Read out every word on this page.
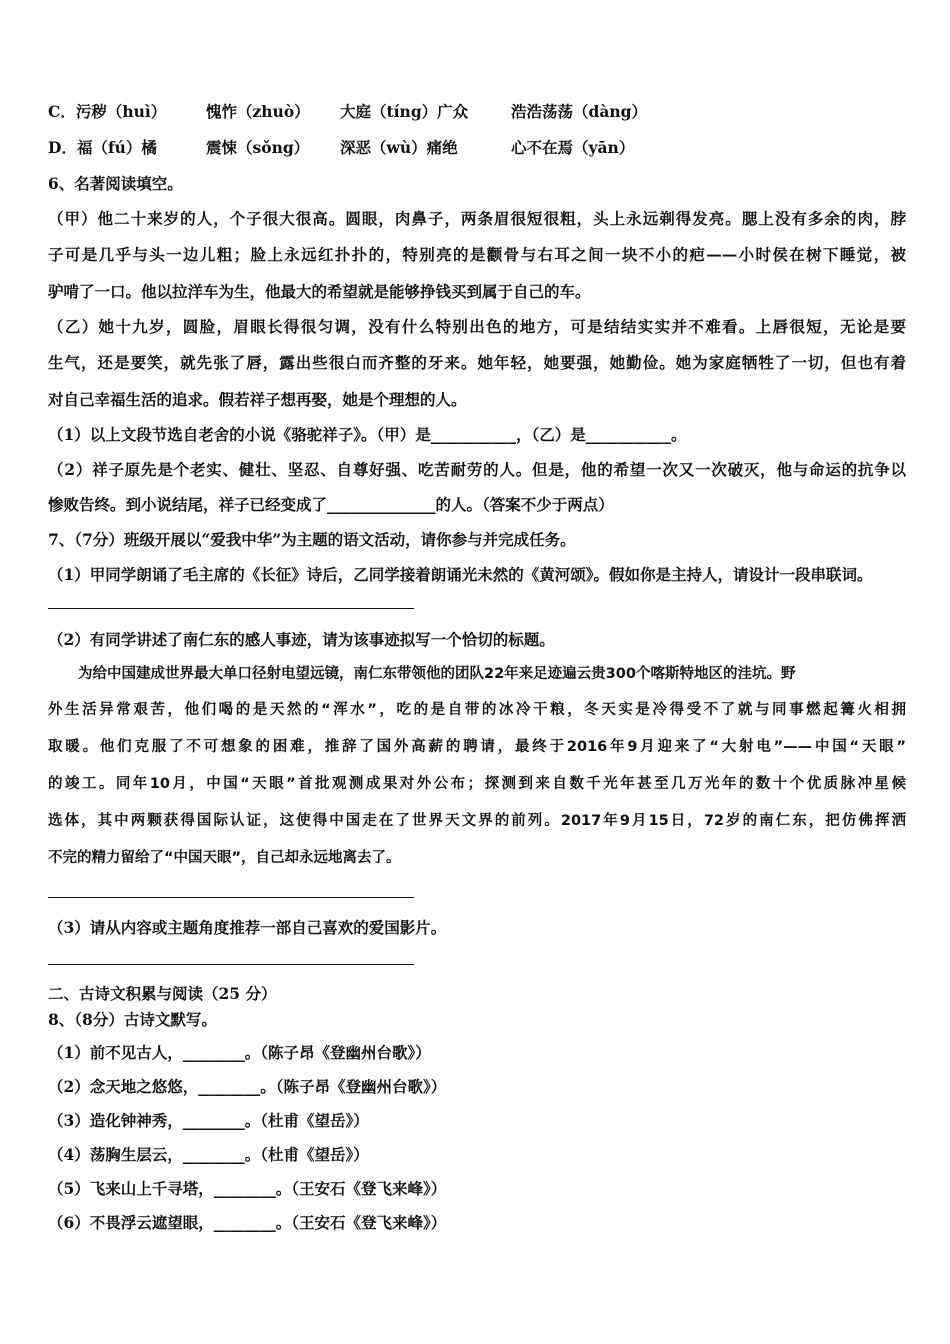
C．污秽（huì）	愧怍（zhuò） 大庭（tíng）广众	浩浩荡荡（dàng）
D．福（fú）橘	震悚（sǒng） 深恶（wù）痛绝	心不在焉（yān）
6、名著阅读填空。
（甲）他二十来岁的人，个子很大很高。圆眼，肉鼻子，两条眉很短很粗，头上永远剃得发亮。腮上没有多余的肉，脖
子可是几乎与头一边儿粗；脸上永远红扑扑的，特别亮的是颧骨与右耳之间一块不小的疤——小时侯在树下睡觉，被
驴啃了一口。他以拉洋车为生，他最大的希望就是能够挣钱买到属于自己的车。
（乙）她十九岁，圆脸，眉眼长得很匀调，没有什么特别出色的地方，可是结结实实并不难看。上唇很短，无论是要
生气，还是要笑，就先张了唇，露出些很白而齐整的牙来。她年轻，她要强，她勤俭。她为家庭牺牲了一切，但也有着
对自己幸福生活的追求。假若祥子想再娶，她是个理想的人。
（1）以上文段节选自老舍的小说《骆驼祥子》。（甲）是___________，（乙）是___________。
（2）祥子原先是个老实、健壮、坚忍、自尊好强、吃苦耐劳的人。但是，他的希望一次又一次破灭，他与命运的抗争以
惨败告终。到小说结尾，祥子已经变成了______________的人。（答案不少于两点）
7、（7分）班级开展以“爱我中华”为主题的语文活动，请你参与并完成任务。
（1）甲同学朗诵了毛主席的《长征》诗后，乙同学接着朗诵光未然的《黄河颂》。假如你是主持人，请设计一段串联词。
（2）有同学讲述了南仁东的感人事迹，请为该事迹拟写一个恰切的标题。
为给中国建成世界最大单口径射电望远镜，南仁东带领他的团队22年来足迹遍云贵300个喀斯特地区的洼坑。野
外生活异常艰苦，他们喝的是天然的“浑水”，吃的是自带的冰冷干粮，冬天实是冷得受不了就与同事燃起篝火相拥
取暖。他们克服了不可想象的困难，推辞了国外高薪的聘请，最终于2016年9月迎来了“大射电”——中国“天眼”
的竣工。同年10月，中国“天眼”首批观测成果对外公布；探测到来自数千光年甚至几万光年的数十个优质脉冲星候
选体，其中两颗获得国际认证，这使得中国走在了世界天文界的前列。2017年9月15日，72岁的南仁东，把仿佛挥洒
不完的精力留给了“中国天眼”，自己却永远地离去了。
（3）请从内容或主题角度推荐一部自己喜欢的爱国影片。
二、古诗文积累与阅读（25 分）
8、（8分）古诗文默写。
（1）前不见古人，________。（陈子昂《登幽州台歌》）
（2）念天地之悠悠，________。（陈子昂《登幽州台歌》）
（3）造化钟神秀，________。（杜甫《望岳》）
（4）荡胸生层云，________。（杜甫《望岳》）
（5）飞来山上千寻塔，________。（王安石《登飞来峰》）
（6）不畏浮云遮望眼，________。（王安石《登飞来峰》）
